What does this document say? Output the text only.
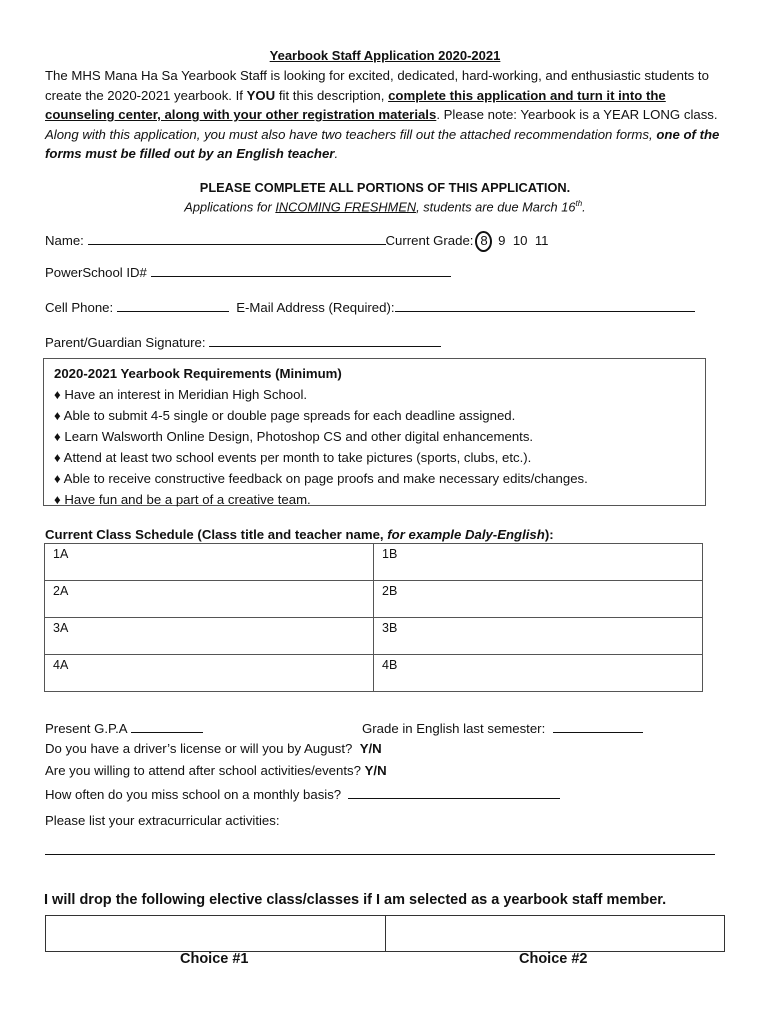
Yearbook Staff Application 2020-2021
The MHS Mana Ha Sa Yearbook Staff is looking for excited, dedicated, hard-working, and enthusiastic students to create the 2020-2021 yearbook. If YOU fit this description, complete this application and turn it into the counseling center, along with your other registration materials. Please note: Yearbook is a YEAR LONG class. Along with this application, you must also have two teachers fill out the attached recommendation forms, one of the forms must be filled out by an English teacher.
PLEASE COMPLETE ALL PORTIONS OF THIS APPLICATION.
Applications for INCOMING FRESHMEN, students are due March 16th.
Name:	Current Grade: 8 9 10 11
PowerSchool ID#
Cell Phone:	E-Mail Address (Required):
Parent/Guardian Signature:
2020-2021 Yearbook Requirements (Minimum)
♦ Have an interest in Meridian High School.
♦ Able to submit 4-5 single or double page spreads for each deadline assigned.
♦ Learn Walsworth Online Design, Photoshop CS and other digital enhancements.
♦ Attend at least two school events per month to take pictures (sports, clubs, etc.).
♦ Able to receive constructive feedback on page proofs and make necessary edits/changes.
♦ Have fun and be a part of a creative team.
Current Class Schedule (Class title and teacher name, for example Daly-English):
1A	1B
2A	2B
3A	3B
4A	4B
Present G.P.A	Grade in English last semester:
Do you have a driver’s license or will you by August? Y/N
Are you willing to attend after school activities/events? Y/N
How often do you miss school on a monthly basis?
Please list your extracurricular activities:
I will drop the following elective class/classes if I am selected as a yearbook staff member.

Choice #1	Choice #2
